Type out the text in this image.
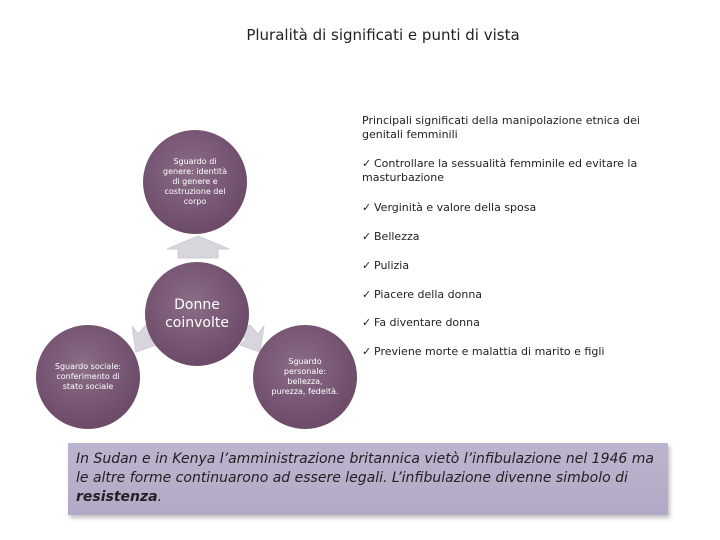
Pluralità di significati e punti di vista
Sguardo di
genere: identità
di genere e
costruzione del
corpo
Donne
coinvolte
Sguardo sociale:
conferimento di
stato sociale
Sguardo
personale:
bellezza,
purezza, fedeltà.
Principali significati della manipolazione etnica dei genitali femminili
✓ Controllare la sessualità femminile ed evitare la masturbazione
✓ Verginità e valore della sposa
✓ Bellezza
✓ Pulizia
✓ Piacere della donna
✓ Fa diventare donna
✓ Previene morte e malattia di marito e figli
In Sudan e in Kenya l’amministrazione britannica vietò l’infibulazione nel 1946 ma le altre forme continuarono ad essere legali. L’infibulazione divenne simbolo di resistenza.
